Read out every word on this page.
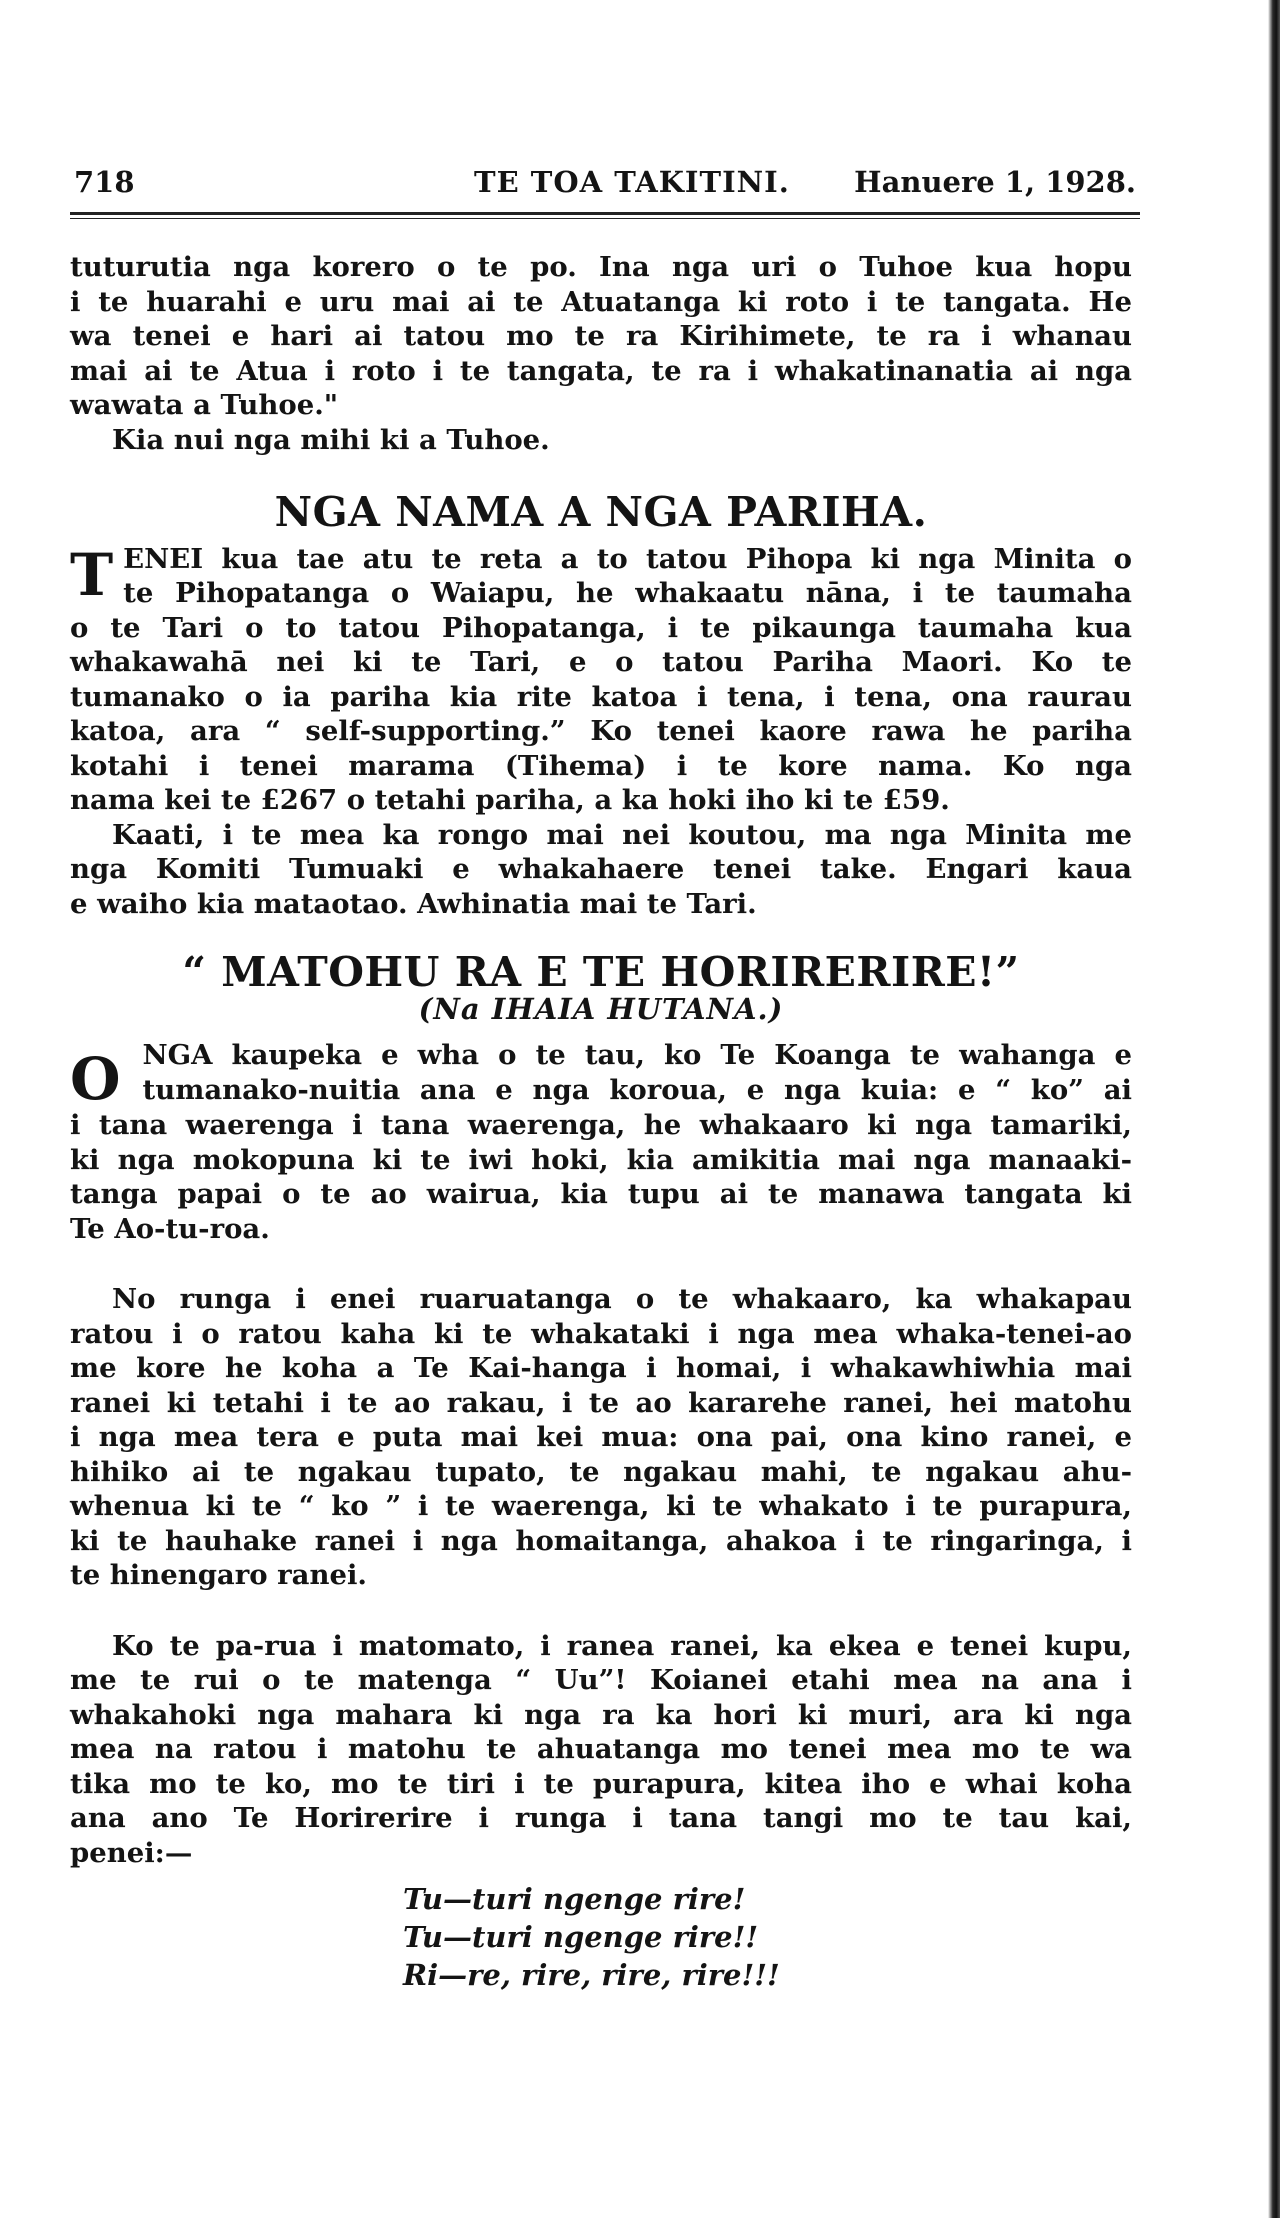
718	TE TOA TAKITINI. Hanuere 1, 1928.

tuturutia nga korero o te po. Ina nga uri o Tuhoe kua hopu

i te huarahi e uru mai ai te Atuatanga ki roto i te tangata. He

wa tenei e hari ai tatou mo te ra Kirihimete, te ra i whanau

mai ai te Atua i roto i te tangata, te ra i whakatinanatia ai nga

wawata a Tuhoe."

Kia nui nga mihi ki a Tuhoe.

NGA NAMA A NGA PARIHA.
T ENEI kua tae atu te reta a to tatou Pihopa ki nga Minita o

te Pihopatanga o Waiapu, he whakaatu nāna, i te taumaha

o te Tari o to tatou Pihopatanga, i te pikaunga taumaha kua

whakawahā nei ki te Tari, e o tatou Pariha Maori. Ko te

tumanako o ia pariha kia rite katoa i tena, i tena, ona raurau

katoa, ara “ self-supporting.” Ko tenei kaore rawa he pariha

kotahi i tenei marama (Tihema) i te kore nama. Ko nga

nama kei te £267 o tetahi pariha, a ka hoki iho ki te £59.

Kaati, i te mea ka rongo mai nei koutou, ma nga Minita me

nga Komiti Tumuaki e whakahaere tenei take. Engari kaua

e waiho kia mataotao. Awhinatia mai te Tari.

“ MATOHU RA E TE HORIRERIRE!”
(Na IHAIA HUTANA.)
O NGA kaupeka e wha o te tau, ko Te Koanga te wahanga e

tumanako-nuitia ana e nga koroua, e nga kuia: e “ ko” ai

i tana waerenga i tana waerenga, he whakaaro ki nga tamariki,

ki nga mokopuna ki te iwi hoki, kia amikitia mai nga manaaki-

tanga papai o te ao wairua, kia tupu ai te manawa tangata ki

Te Ao-tu-roa.

No runga i enei ruaruatanga o te whakaaro, ka whakapau

ratou i o ratou kaha ki te whakataki i nga mea whaka-tenei-ao

me kore he koha a Te Kai-hanga i homai, i whakawhiwhia mai

ranei ki tetahi i te ao rakau, i te ao kararehe ranei, hei matohu

i nga mea tera e puta mai kei mua: ona pai, ona kino ranei, e

hihiko ai te ngakau tupato, te ngakau mahi, te ngakau ahu-

whenua ki te “ ko ” i te waerenga, ki te whakato i te purapura,

ki te hauhake ranei i nga homaitanga, ahakoa i te ringaringa, i

te hinengaro ranei.

Ko te pa-rua i matomato, i ranea ranei, ka ekea e tenei kupu,

me te rui o te matenga “ Uu”! Koianei etahi mea na ana i

whakahoki nga mahara ki nga ra ka hori ki muri, ara ki nga

mea na ratou i matohu te ahuatanga mo tenei mea mo te wa

tika mo te ko, mo te tiri i te purapura, kitea iho e whai koha

ana ano Te Horirerire i runga i tana tangi mo te tau kai,

penei:—

Tu—turi ngenge rire!
Tu—turi ngenge rire!!
Ri—re, rire, rire, rire!!!
